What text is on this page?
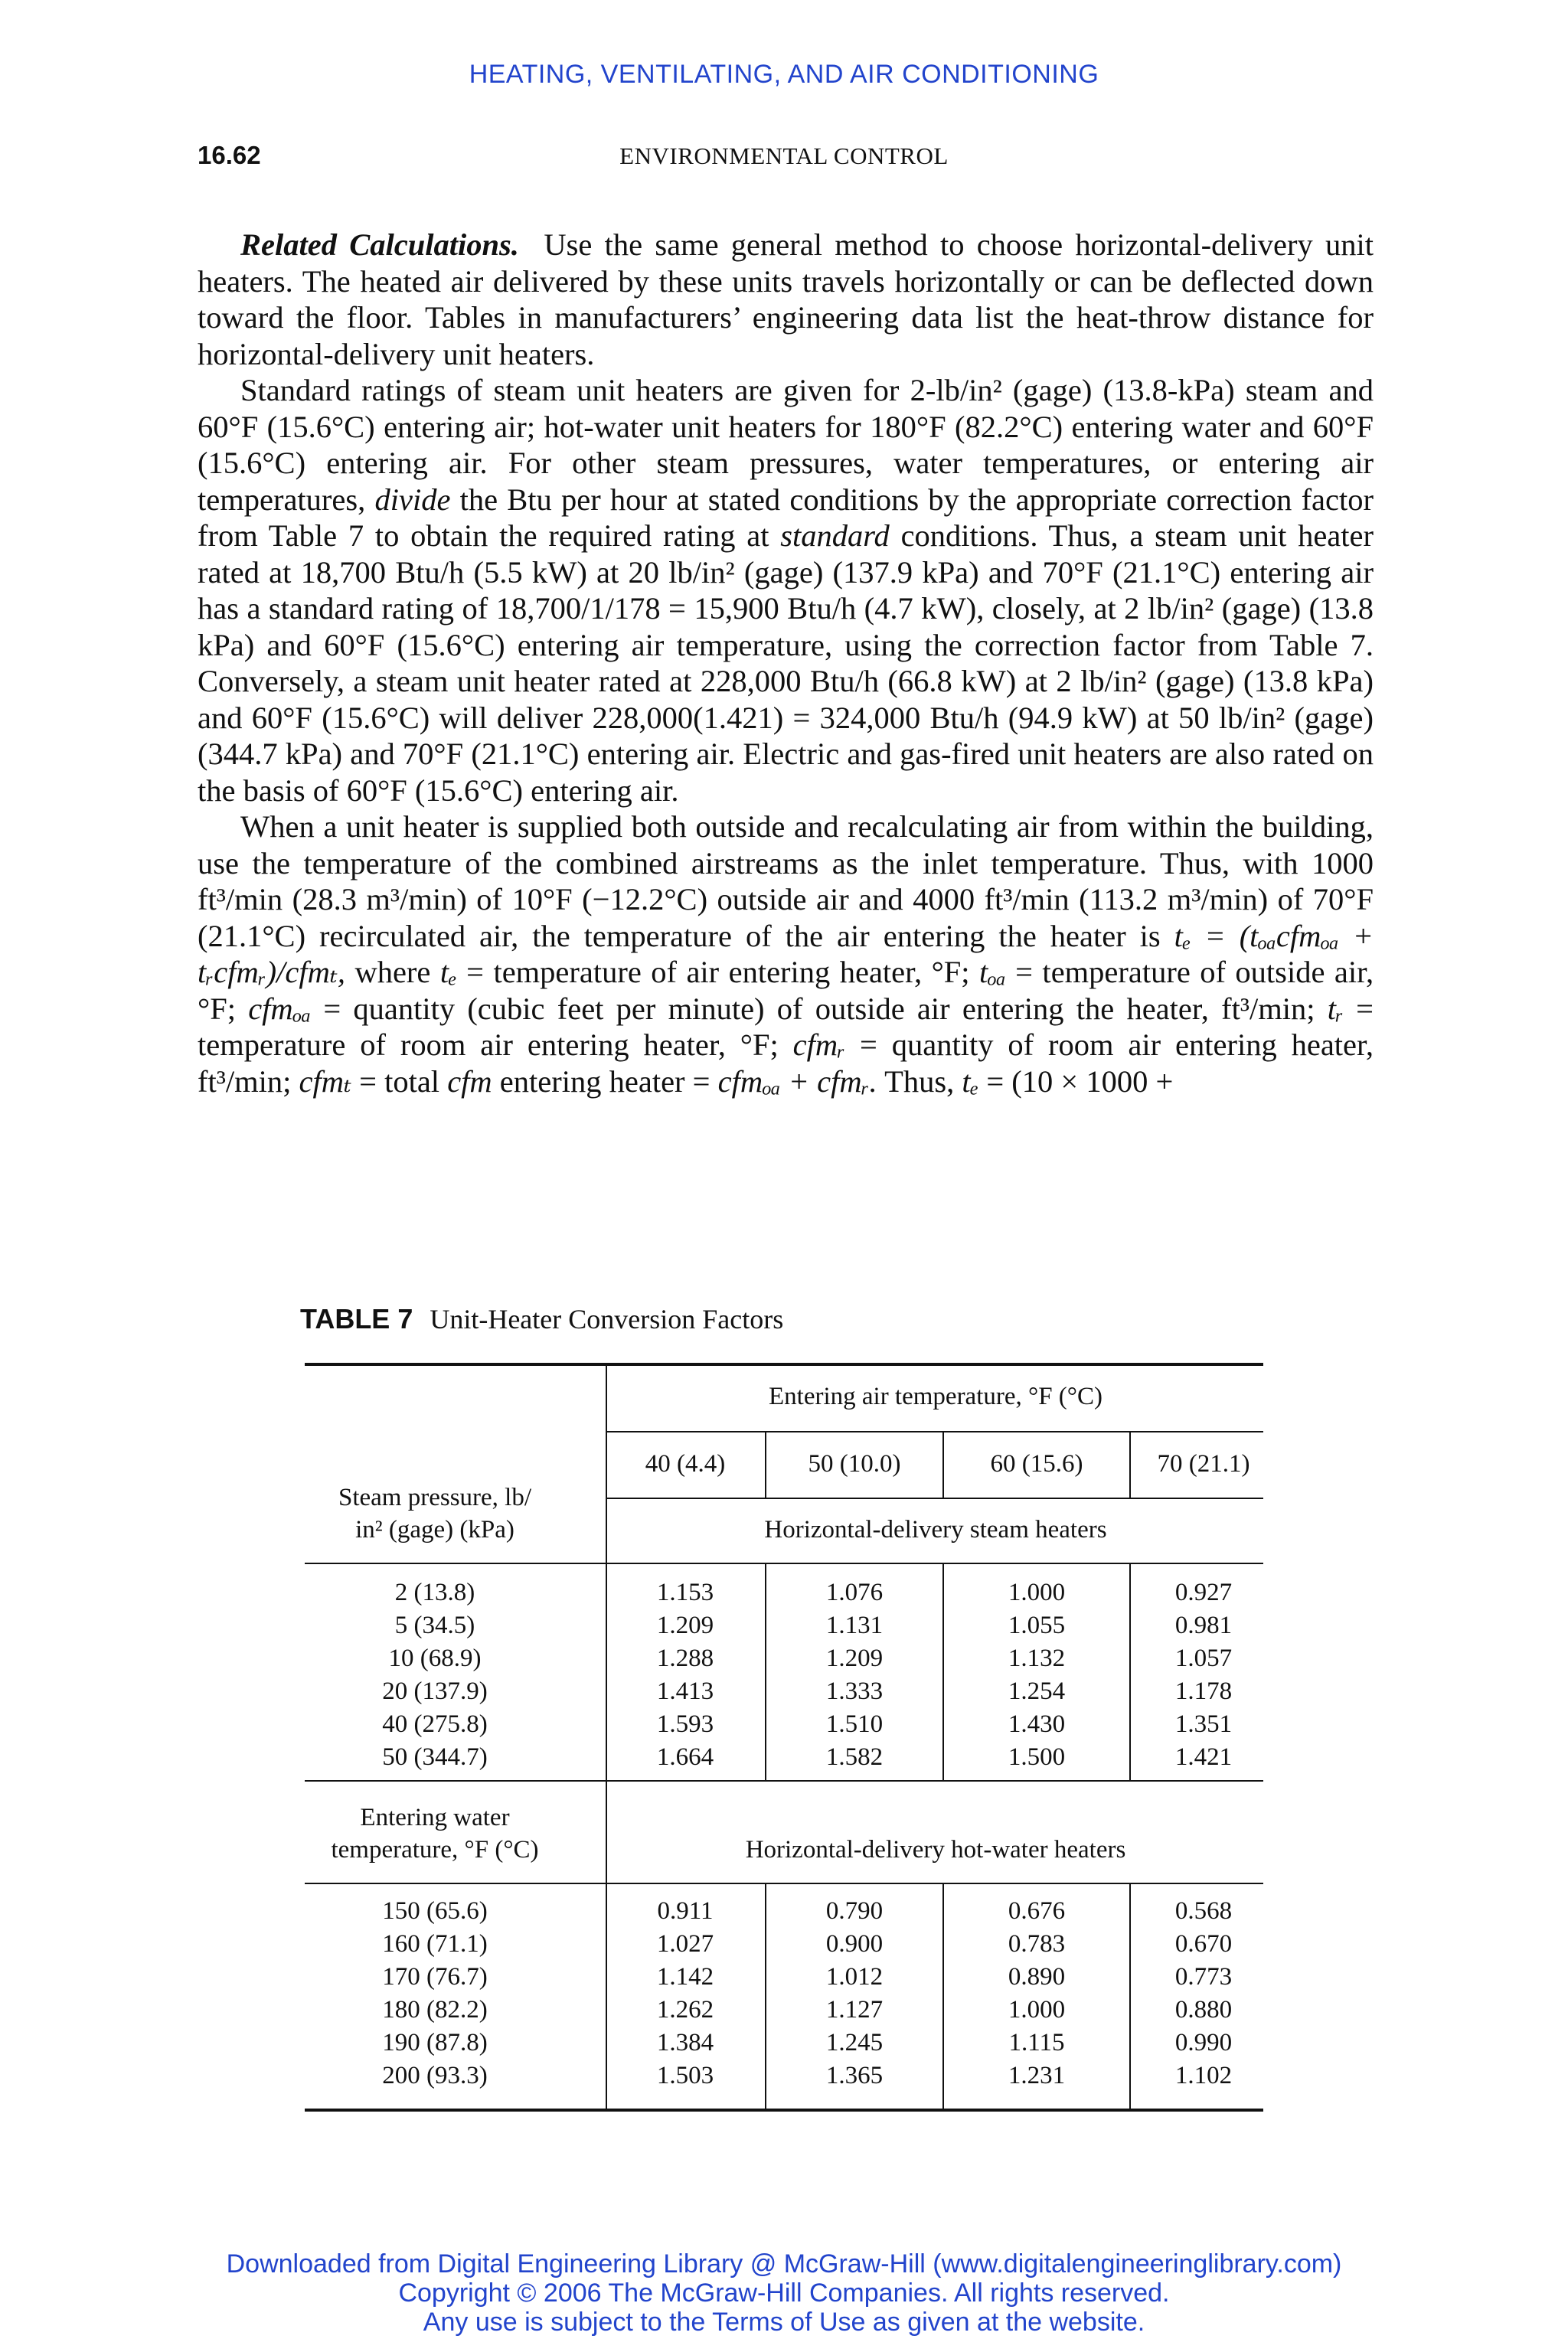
HEATING, VENTILATING, AND AIR CONDITIONING
16.62	ENVIRONMENTAL CONTROL

Related Calculations. Use the same general method to choose horizontal-delivery unit heaters. The heated air delivered by these units travels horizontally or can be deflected down toward the floor. Tables in manufacturers’ engineering data list the heat-throw distance for horizontal-delivery unit heaters.

Standard ratings of steam unit heaters are given for 2-lb/in² (gage) (13.8-kPa) steam and 60°F (15.6°C) entering air; hot-water unit heaters for 180°F (82.2°C) entering water and 60°F (15.6°C) entering air. For other steam pressures, water temperatures, or entering air temperatures, divide the Btu per hour at stated conditions by the appropriate correction factor from Table 7 to obtain the required rating at standard conditions. Thus, a steam unit heater rated at 18,700 Btu/h (5.5 kW) at 20 lb/in² (gage) (137.9 kPa) and 70°F (21.1°C) entering air has a standard rating of 18,700/1/178 = 15,900 Btu/h (4.7 kW), closely, at 2 lb/in² (gage) (13.8 kPa) and 60°F (15.6°C) entering air temperature, using the correction factor from Table 7. Conversely, a steam unit heater rated at 228,000 Btu/h (66.8 kW) at 2 lb/in² (gage) (13.8 kPa) and 60°F (15.6°C) will deliver 228,000(1.421) = 324,000 Btu/h (94.9 kW) at 50 lb/in² (gage) (344.7 kPa) and 70°F (21.1°C) entering air. Electric and gas-fired unit heaters are also rated on the basis of 60°F (15.6°C) entering air.

When a unit heater is supplied both outside and recalculating air from within the building, use the temperature of the combined airstreams as the inlet temperature. Thus, with 1000 ft³/min (28.3 m³/min) of 10°F (−12.2°C) outside air and 4000 ft³/min (113.2 m³/min) of 70°F (21.1°C) recirculated air, the temperature of the air entering the heater is tₑ = (tₒₐcfmₒₐ + tᵣcfmᵣ)/cfmₜ, where tₑ = temperature of air entering heater, °F; tₒₐ = temperature of outside air, °F; cfmₒₐ = quantity (cubic feet per minute) of outside air entering the heater, ft³/min; tᵣ = temperature of room air entering heater, °F; cfmᵣ = quantity of room air entering heater, ft³/min; cfmₜ = total cfm entering heater = cfmₒₐ + cfmᵣ. Thus, tₑ = (10 × 1000 +

TABLE 7 Unit-Heater Conversion Factors
Entering air temperature, °F (°C)
40 (4.4)	50 (10.0)	60 (15.6)	70 (21.1)
Steam pressure, lb/
in² (gage) (kPa)	Horizontal-delivery steam heaters
Entering water
temperature, °F (°C)	Horizontal-delivery hot-water heaters
2 (13.8)	1.153	1.076	1.000	0.927
5 (34.5)	1.209	1.131	1.055	0.981
10 (68.9)	1.288	1.209	1.132	1.057
20 (137.9)	1.413	1.333	1.254	1.178
40 (275.8)	1.593	1.510	1.430	1.351
50 (344.7)	1.664	1.582	1.500	1.421
150 (65.6)	0.911	0.790	0.676	0.568
160 (71.1)	1.027	0.900	0.783	0.670
170 (76.7)	1.142	1.012	0.890	0.773
180 (82.2)	1.262	1.127	1.000	0.880
190 (87.8)	1.384	1.245	1.115	0.990
200 (93.3)	1.503	1.365	1.231	1.102
Downloaded from Digital Engineering Library @ McGraw-Hill (www.digitalengineeringlibrary.com)
Copyright © 2006 The McGraw-Hill Companies. All rights reserved.
Any use is subject to the Terms of Use as given at the website.
